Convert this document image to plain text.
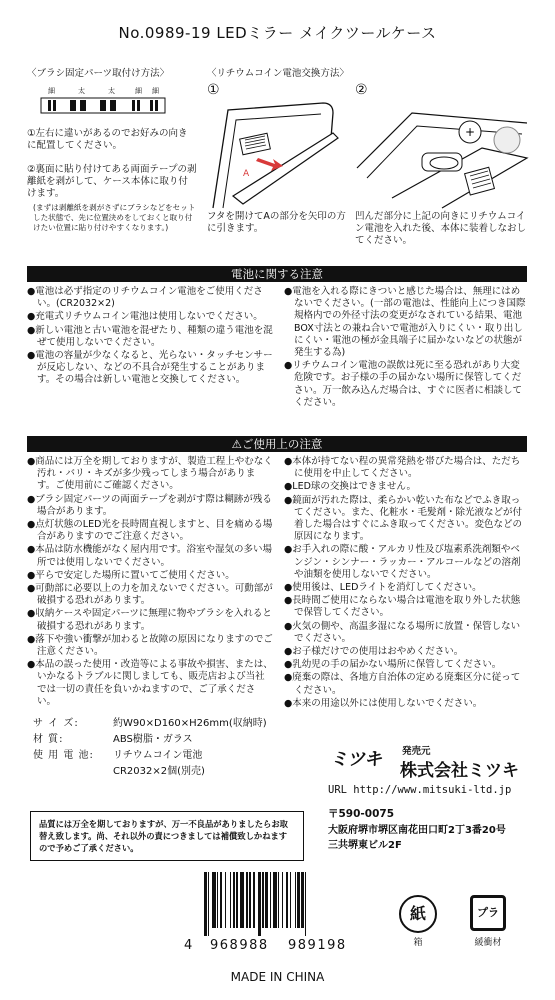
No.0989-19 LEDミラー メイクツールケース
〈ブラシ固定パーツ取付け方法〉
細	太	太	細 細
①左右に違いがあるのでお好みの向きに配置してください。
②裏面に貼り付けてある両面テープの剥離紙を剥がして、ケース本体に取り付けます。
(まずは剥離紙を剥がさずにブラシなどをセットした状態で、先に位置決めをしておくと取り付けたい位置に貼り付けやすくなります。)
〈リチウムコイン電池交換方法〉
①	②
A
+
フタを開けてAの部分を矢印の方に引きます。
凹んだ部分に上記の向きにリチウムコイン電池を入れた後、本体に装着しなおしてください。
電池に関する注意

●電池は必ず指定のリチウムコイン電池をご使用ください。(CR2032×2)

●充電式リチウムコイン電池は使用しないでください。

●新しい電池と古い電池を混ぜたり、種類の違う電池を混ぜて使用しないでください。

●電池の容量が少なくなると、光らない・タッチセンサーが反応しない、などの不具合が発生することがあります。その場合は新しい電池と交換してください。

●電池を入れる際にきついと感じた場合は、無理にはめないでください。(一部の電池は、性能向上につき国際規格内での外径寸法の変更がなされている結果、電池BOX寸法との兼ね合いで電池が入りにくい・取り出しにくい・電池の極が金具端子に届かないなどの状態が発生する為)

●リチウムコイン電池の誤飲は死に至る恐れがあり大変危険です。お子様の手の届かない場所に保管してください。万一飲み込んだ場合は、すぐに医者に相談してください。

⚠ご使用上の注意

●商品には万全を期しておりますが、製造工程上やむなく汚れ・バリ・キズが多少残ってしまう場合があります。ご使用前にご確認ください。

●ブラシ固定パーツの両面テープを剥がす際は糊跡が残る場合があります。

●点灯状態のLED光を長時間直視しますと、目を痛める場合がありますのでご注意ください。

●本品は防水機能がなく屋内用です。浴室や湿気の多い場所では使用しないでください。

●平らで安定した場所に置いてご使用ください。

●可動部に必要以上の力を加えないでください。可動部が破損する恐れがあります。

●収納ケースや固定パーツに無理に物やブラシを入れると破損する恐れがあります。

●落下や強い衝撃が加わると故障の原因になりますのでご注意ください。

●本品の誤った使用・改造等による事故や損害、または、いかなるトラブルに関しましても、販売店および当社では一切の責任を負いかねますので、ご了承ください。

●本体が持てない程の異常発熱を帯びた場合は、ただちに使用を中止してください。

●LED球の交換はできません。

●鏡面が汚れた際は、柔らかい乾いた布などでふき取ってください。また、化粧水・毛髪剤・除光液などが付着した場合はすぐにふき取ってください。変色などの原因になります。

●お手入れの際に酸・アルカリ性及び塩素系洗剤類やベンジン・シンナー・ラッカー・アルコールなどの溶剤や油類を使用しないでください。

●使用後は、LEDライトを消灯してください。

●長時間ご使用にならない場合は電池を取り外した状態で保管してください。

●火気の側や、高温多湿になる場所に放置・保管しないでください。

●お子様だけでの使用はおやめください。

●乳幼児の手の届かない場所に保管してください。

●廃棄の際は、各地方自治体の定める廃棄区分に従ってください。

●本来の用途以外には使用しないでください。

サ イ ズ:	約W90×D160×H26mm(収納時)
材 質:	ABS樹脂・ガラス
使 用 電 池: リチウムコイン電池
CR2032×2個(別売)
品質には万全を期しておりますが、万一不良品がありましたらお取替え致します。尚、それ以外の責につきましては補償致しかねますので予めご了承ください。
ミツキ 発売元
株式会社ミツキ
URL http://www.mitsuki-ltd.jp
〒590-0075
大阪府堺市堺区南花田口町2丁3番20号
三共堺東ビル2F
4 968988 989198
MADE IN CHINA
紙
箱
プラ
緩衝材
